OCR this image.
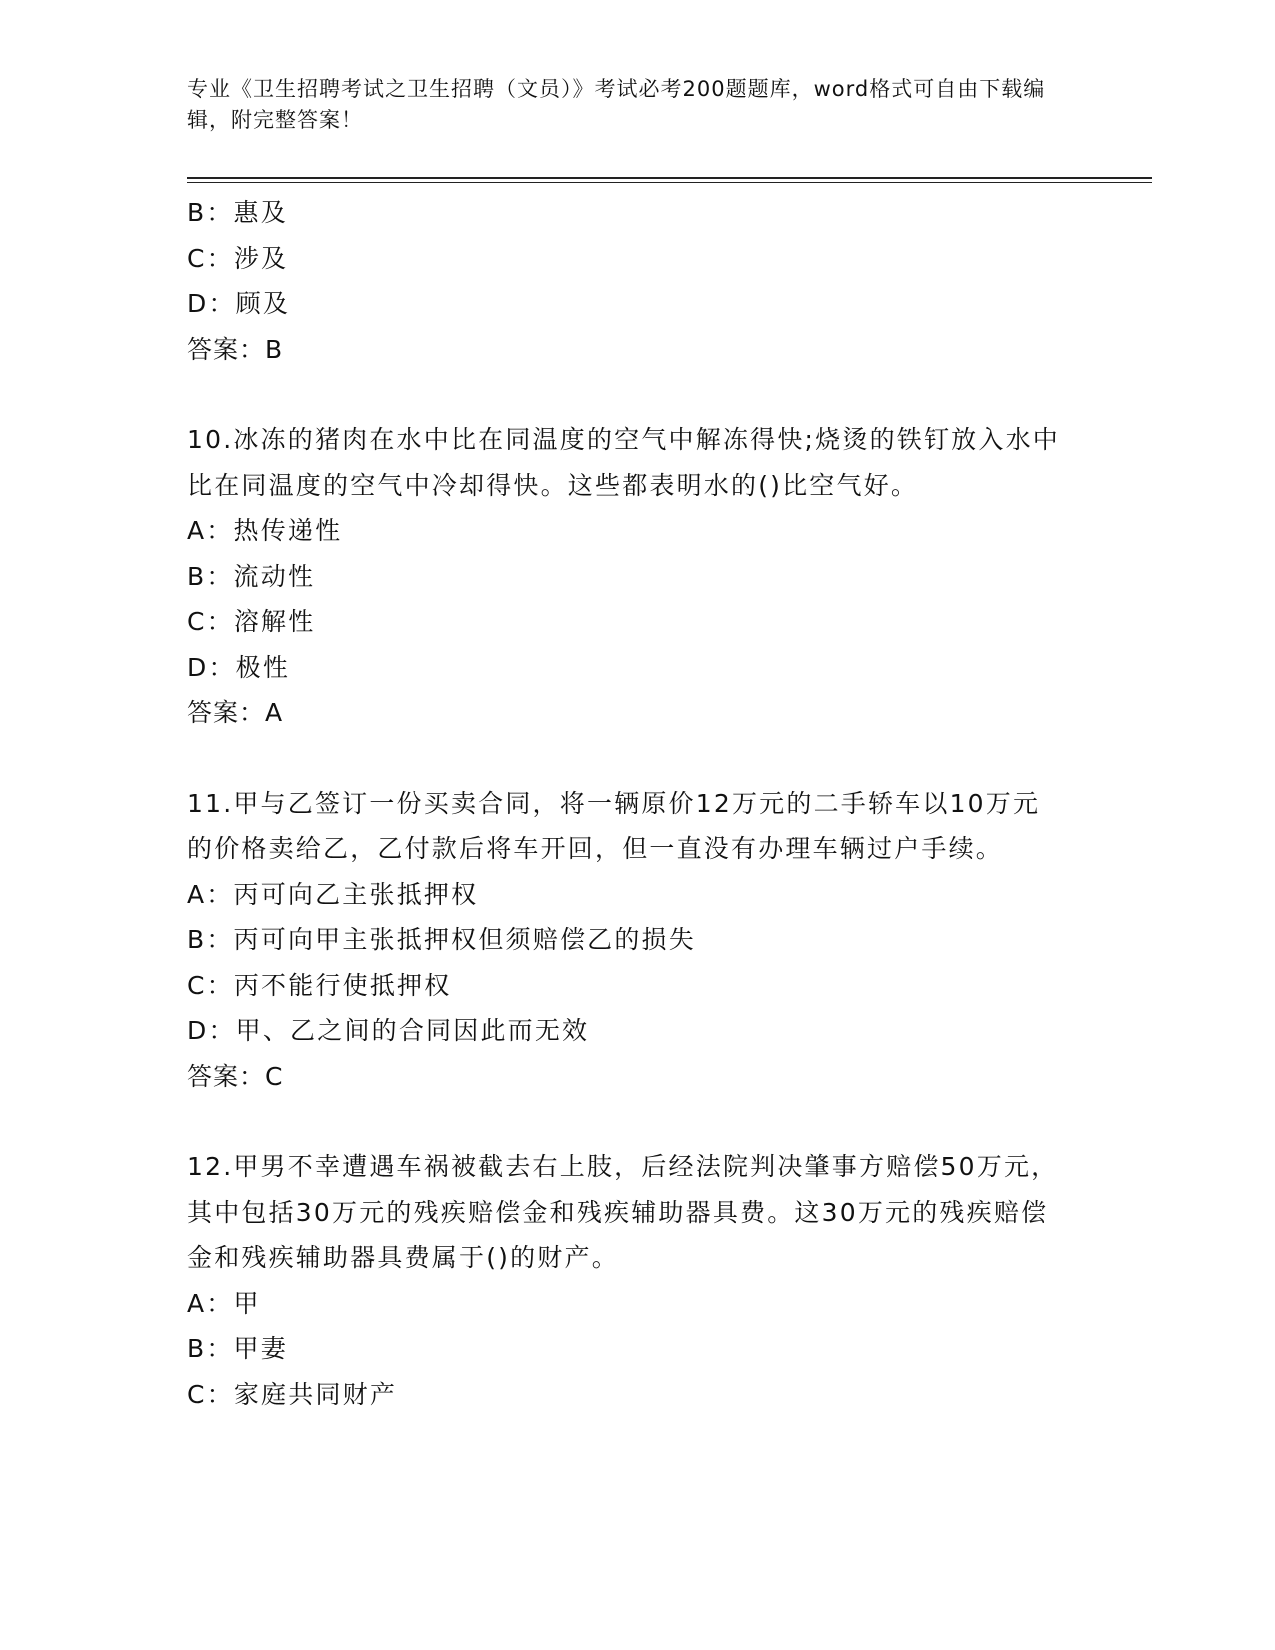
专业《卫生招聘考试之卫生招聘（文员）》考试必考200题题库，word格式可自由下载编辑，附完整答案！
B：惠及
C：涉及
D：顾及
答案：B
10.冰冻的猪肉在水中比在同温度的空气中解冻得快;烧烫的铁钉放入水中比在同温度的空气中冷却得快。这些都表明水的()比空气好。
A：热传递性
B：流动性
C：溶解性
D：极性
答案：A
11.甲与乙签订一份买卖合同，将一辆原价12万元的二手轿车以10万元的价格卖给乙，乙付款后将车开回，但一直没有办理车辆过户手续。
A：丙可向乙主张抵押权
B：丙可向甲主张抵押权但须赔偿乙的损失
C：丙不能行使抵押权
D：甲、乙之间的合同因此而无效
答案：C
12.甲男不幸遭遇车祸被截去右上肢，后经法院判决肇事方赔偿50万元，其中包括30万元的残疾赔偿金和残疾辅助器具费。这30万元的残疾赔偿金和残疾辅助器具费属于()的财产。
A：甲
B：甲妻
C：家庭共同财产
